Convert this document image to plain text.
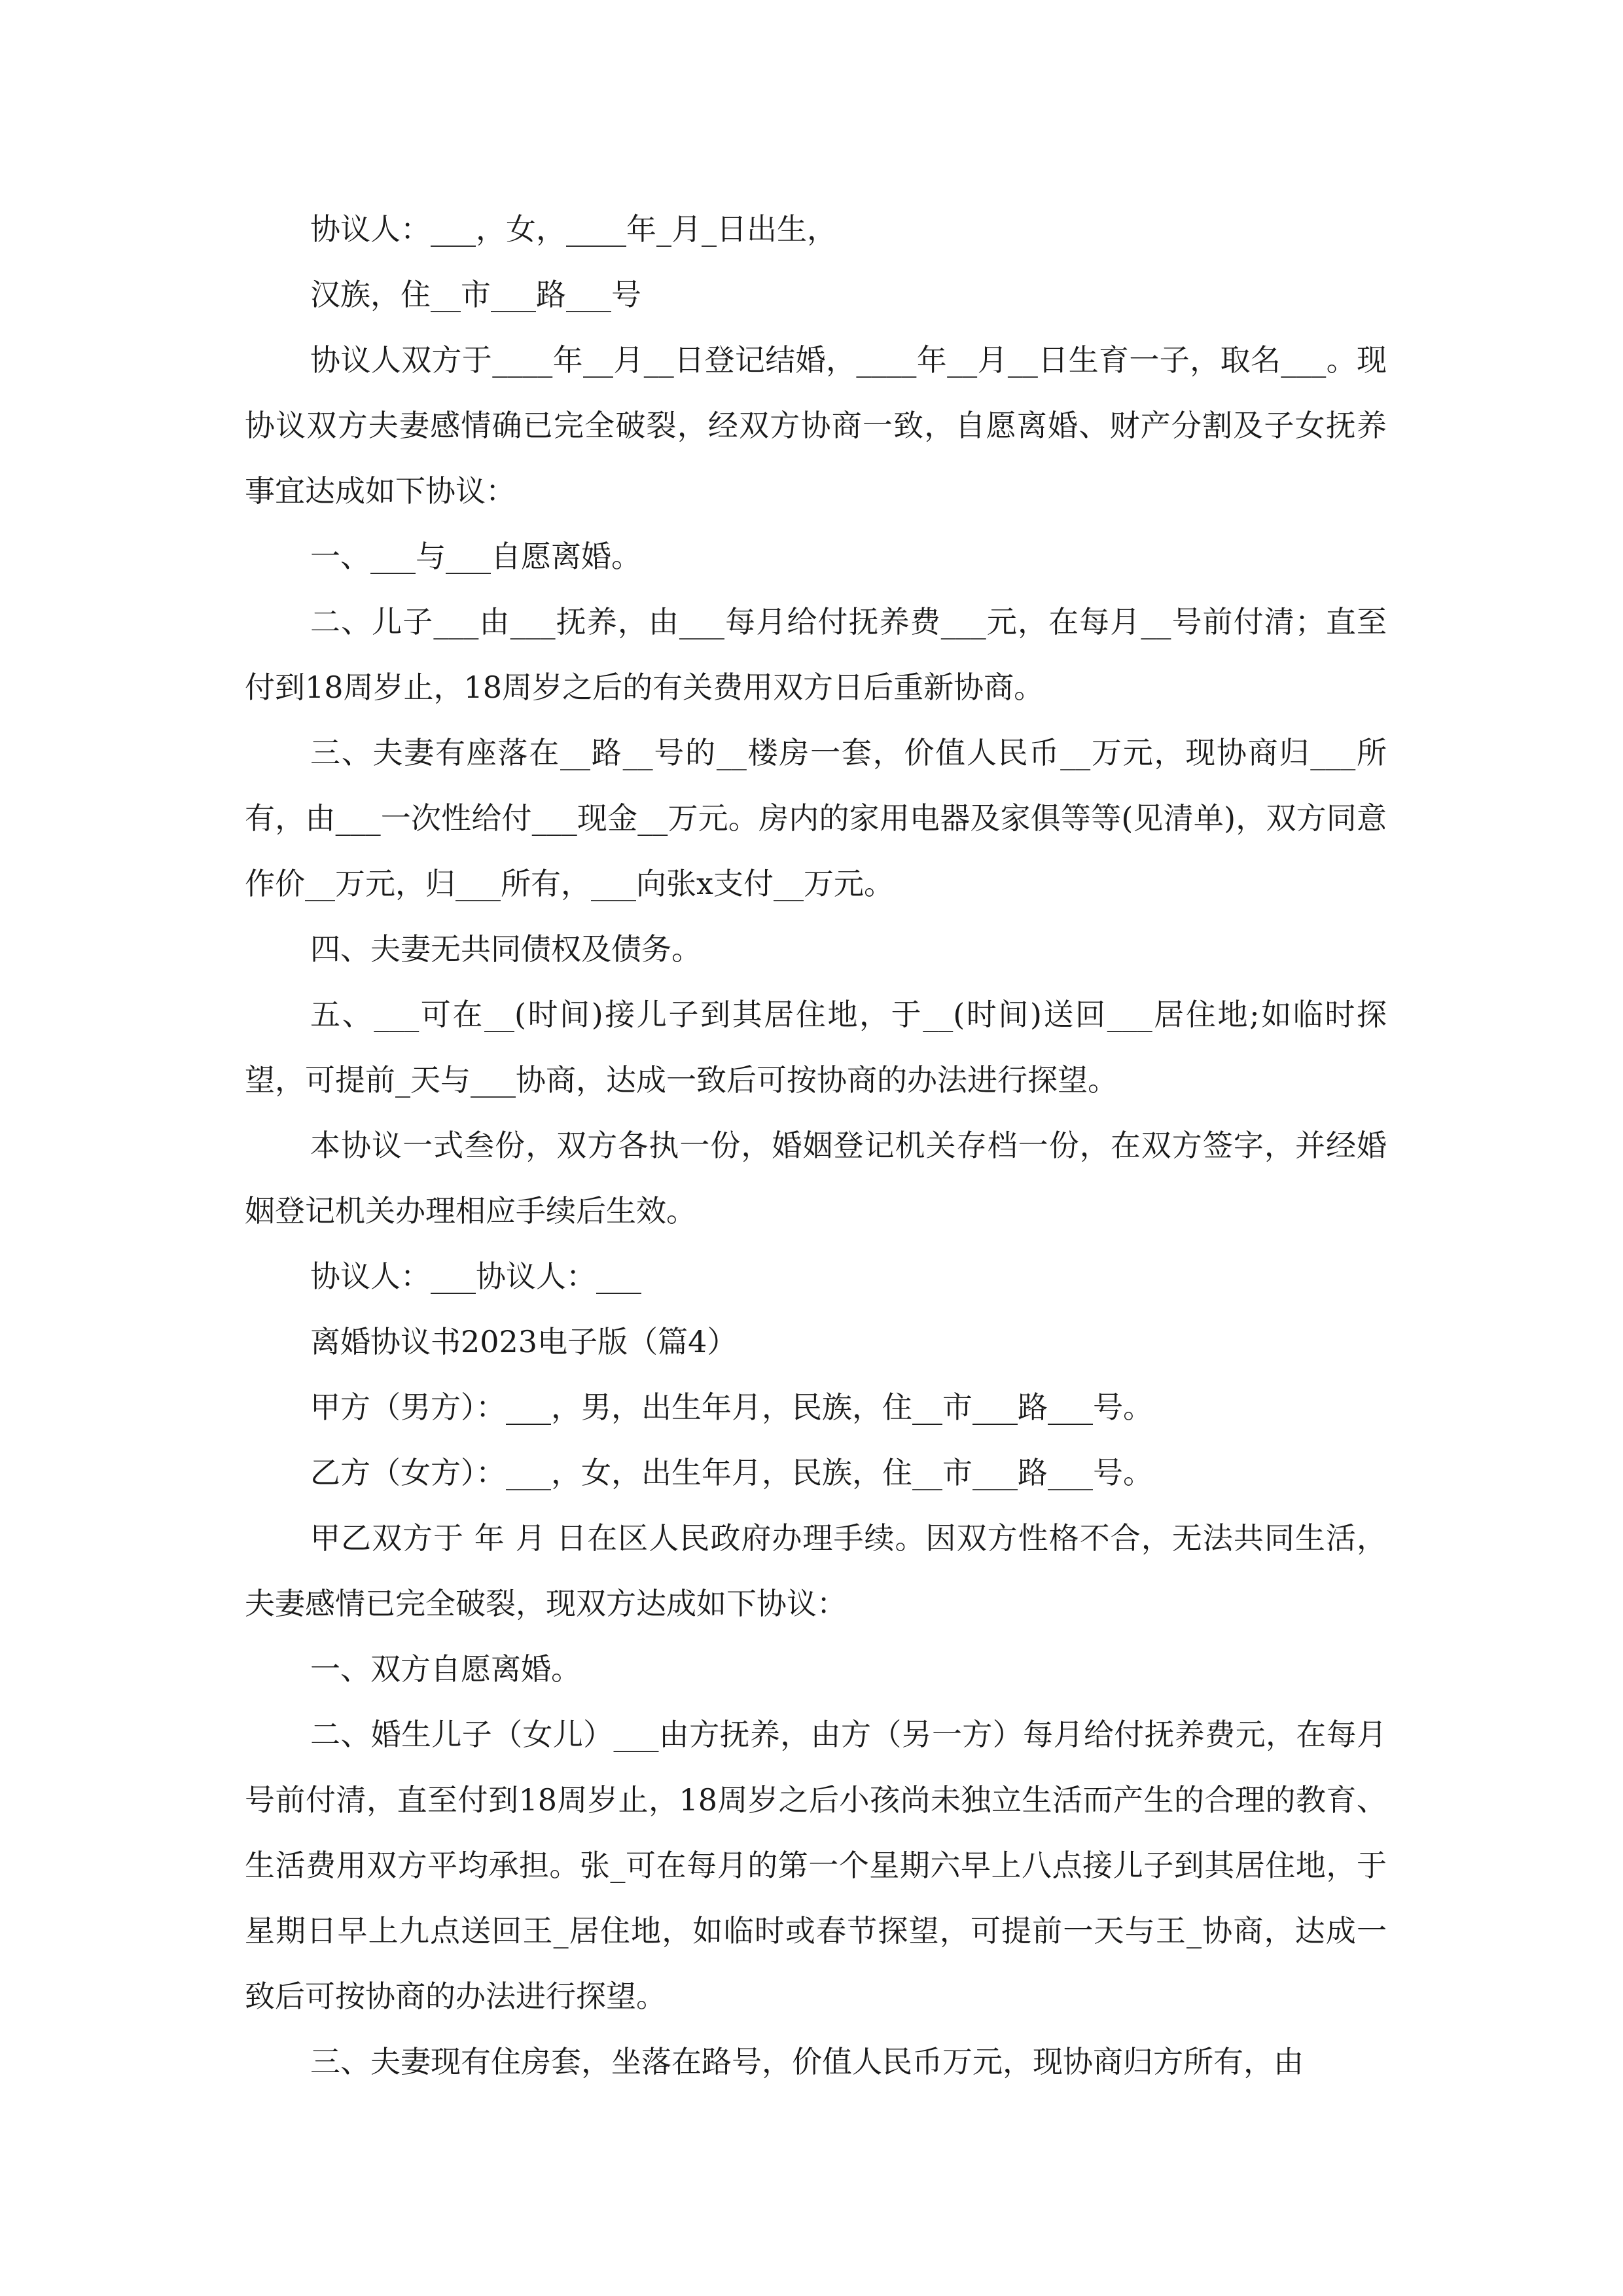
协议人：___，女，____年_月_日出生，

汉族，住__市___路___号

协议人双方于____年__月__日登记结婚，____年__月__日生育一子，取名___。现协议双方夫妻感情确已完全破裂，经双方协商一致，自愿离婚、财产分割及子女抚养事宜达成如下协议：

一、___与___自愿离婚。

二、儿子___由___抚养，由___每月给付抚养费___元，在每月__号前付清；直至付到18周岁止，18周岁之后的有关费用双方日后重新协商。

三、夫妻有座落在__路__号的__楼房一套，价值人民币__万元，现协商归___所有，由___一次性给付___现金__万元。房内的家用电器及家俱等等(见清单)，双方同意作价__万元，归___所有，___向张x支付__万元。

四、夫妻无共同债权及债务。

五、___可在__(时间)接儿子到其居住地，于__(时间)送回___居住地;如临时探望，可提前_天与___协商，达成一致后可按协商的办法进行探望。

本协议一式叁份，双方各执一份，婚姻登记机关存档一份，在双方签字，并经婚姻登记机关办理相应手续后生效。

协议人：___协议人：___

离婚协议书2023电子版（篇4）

甲方（男方）：___，男，出生年月，民族，住__市___路___号。

乙方（女方）：___，女，出生年月，民族，住__市___路___号。

甲乙双方于 年 月 日在区人民政府办理手续。因双方性格不合，无法共同生活，夫妻感情已完全破裂，现双方达成如下协议：

一、双方自愿离婚。

二、婚生儿子（女儿）___由方抚养，由方（另一方）每月给付抚养费元，在每月号前付清，直至付到18周岁止，18周岁之后小孩尚未独立生活而产生的合理的教育、生活费用双方平均承担。张_可在每月的第一个星期六早上八点接儿子到其居住地，于星期日早上九点送回王_居住地，如临时或春节探望，可提前一天与王_协商，达成一致后可按协商的办法进行探望。

三、夫妻现有住房套，坐落在路号，价值人民币万元，现协商归方所有，由
